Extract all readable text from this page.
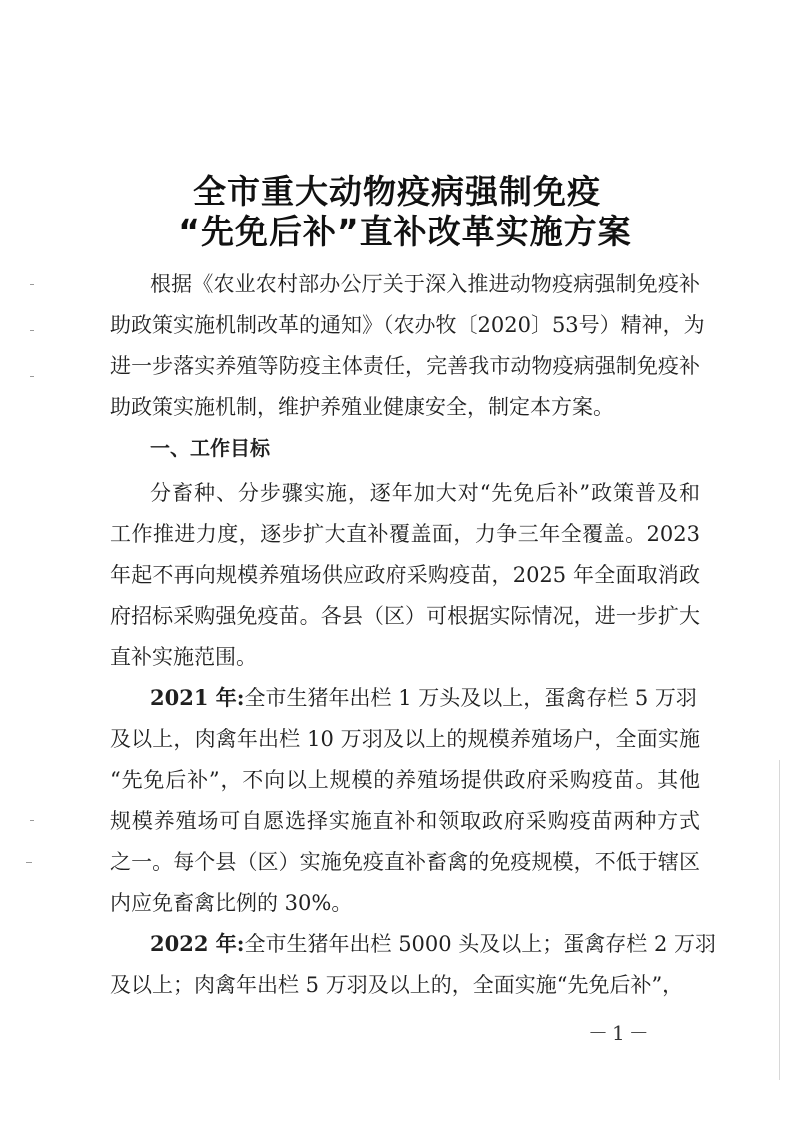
全市重大动物疫病强制免疫
“先免后补”直补改革实施方案
根据《农业农村部办公厅关于深入推进动物疫病强制免疫补
助政策实施机制改革的通知》（农办牧〔2020〕53号）精神，为
进一步落实养殖等防疫主体责任，完善我市动物疫病强制免疫补
助政策实施机制，维护养殖业健康安全，制定本方案。
一、工作目标
分畜种、分步骤实施，逐年加大对“先免后补”政策普及和
工作推进力度，逐步扩大直补覆盖面，力争三年全覆盖。2023
年起不再向规模养殖场供应政府采购疫苗，2025 年全面取消政
府招标采购强免疫苗。各县（区）可根据实际情况，进一步扩大
直补实施范围。
2021 年:全市生猪年出栏 1 万头及以上，蛋禽存栏 5 万羽
及以上，肉禽年出栏 10 万羽及以上的规模养殖场户，全面实施
“先免后补”，不向以上规模的养殖场提供政府采购疫苗。其他
规模养殖场可自愿选择实施直补和领取政府采购疫苗两种方式
之一。每个县（区）实施免疫直补畜禽的免疫规模，不低于辖区
内应免畜禽比例的 30%。
2022 年:全市生猪年出栏 5000 头及以上；蛋禽存栏 2 万羽
及以上；肉禽年出栏 5 万羽及以上的，全面实施“先免后补”，
－1－
